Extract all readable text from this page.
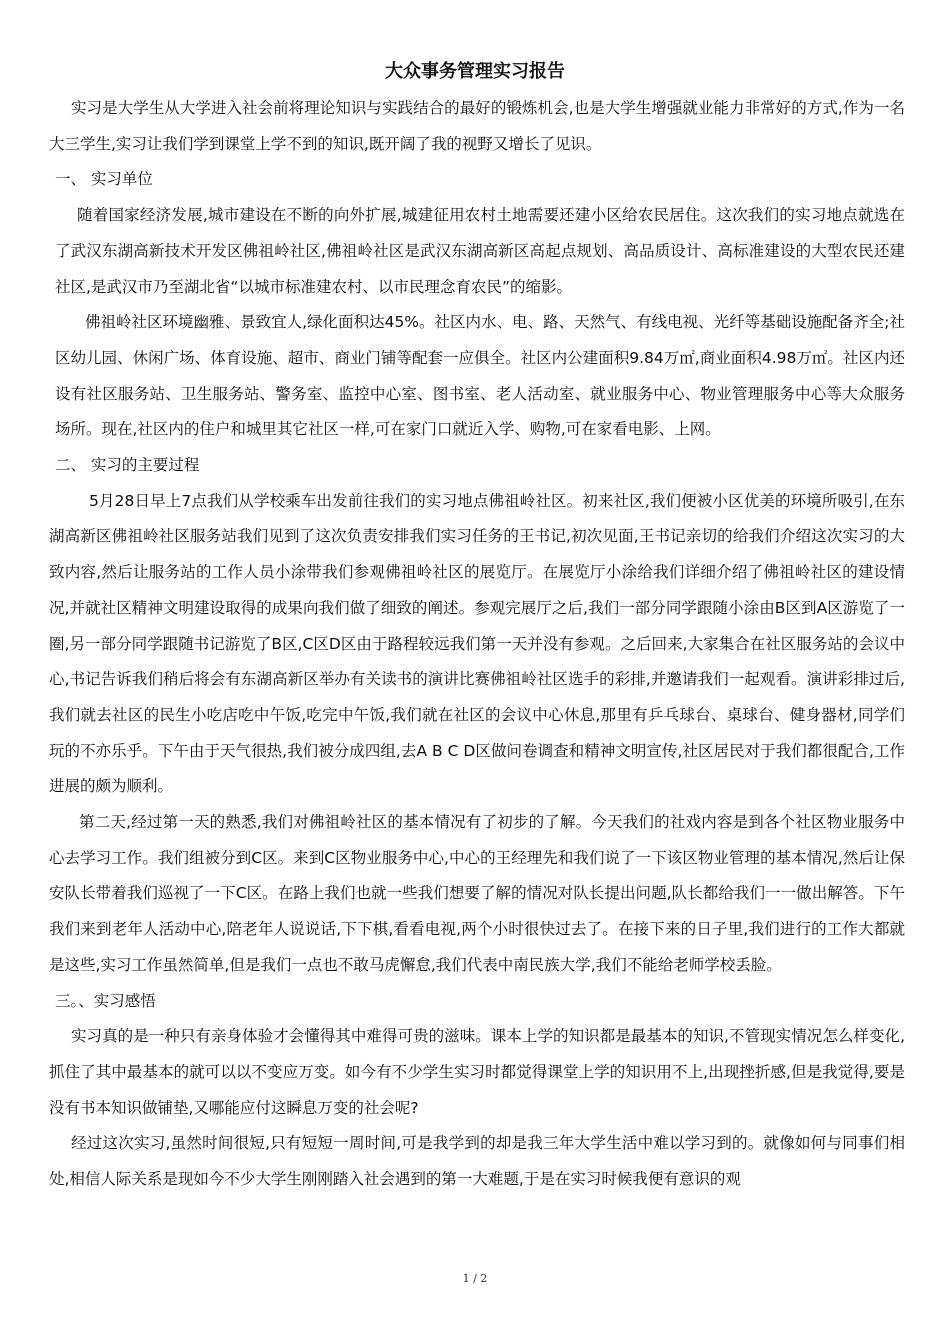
大众事务管理实习报告

实习是大学生从大学进入社会前将理论知识与实践结合的最好的锻炼机会,也是大学生增强就业能力非常好的方式,作为一名大三学生,实习让我们学到课堂上学不到的知识,既开阔了我的视野又增长了见识。

一、 实习单位

随着国家经济发展,城市建设在不断的向外扩展,城建征用农村土地需要还建小区给农民居住。这次我们的实习地点就选在了武汉东湖高新技术开发区佛祖岭社区,佛祖岭社区是武汉东湖高新区高起点规划、高品质设计、高标准建设的大型农民还建社区,是武汉市乃至湖北省“以城市标准建农村、以市民理念育农民”的缩影。

佛祖岭社区环境幽雅、景致宜人,绿化面积达45%。社区内水、电、路、天然气、有线电视、光纤等基础设施配备齐全;社区幼儿园、休闲广场、体育设施、超市、商业门铺等配套一应俱全。社区内公建面积9.84万㎡,商业面积4.98万㎡。社区内还设有社区服务站、卫生服务站、警务室、监控中心室、图书室、老人活动室、就业服务中心、物业管理服务中心等大众服务场所。现在,社区内的住户和城里其它社区一样,可在家门口就近入学、购物,可在家看电影、上网。

二、 实习的主要过程

5月28日早上7点我们从学校乘车出发前往我们的实习地点佛祖岭社区。初来社区,我们便被小区优美的环境所吸引,在东湖高新区佛祖岭社区服务站我们见到了这次负责安排我们实习任务的王书记,初次见面,王书记亲切的给我们介绍这次实习的大致内容,然后让服务站的工作人员小涂带我们参观佛祖岭社区的展览厅。在展览厅小涂给我们详细介绍了佛祖岭社区的建设情况,并就社区精神文明建设取得的成果向我们做了细致的阐述。参观完展厅之后,我们一部分同学跟随小涂由B区到A区游览了一圈,另一部分同学跟随书记游览了B区,C区D区由于路程较远我们第一天并没有参观。之后回来,大家集合在社区服务站的会议中心,书记告诉我们稍后将会有东湖高新区举办有关读书的演讲比赛佛祖岭社区选手的彩排,并邀请我们一起观看。演讲彩排过后,我们就去社区的民生小吃店吃中午饭,吃完中午饭,我们就在社区的会议中心休息,那里有乒乓球台、桌球台、健身器材,同学们玩的不亦乐乎。下午由于天气很热,我们被分成四组,去A B C D区做问卷调查和精神文明宣传,社区居民对于我们都很配合,工作进展的颇为顺利。

第二天,经过第一天的熟悉,我们对佛祖岭社区的基本情况有了初步的了解。今天我们的社戏内容是到各个社区物业服务中心去学习工作。我们组被分到C区。来到C区物业服务中心,中心的王经理先和我们说了一下该区物业管理的基本情况,然后让保安队长带着我们巡视了一下C区。在路上我们也就一些我们想要了解的情况对队长提出问题,队长都给我们一一做出解答。下午我们来到老年人活动中心,陪老年人说说话,下下棋,看看电视,两个小时很快过去了。在接下来的日子里,我们进行的工作大都就是这些,实习工作虽然简单,但是我们一点也不敢马虎懈怠,我们代表中南民族大学,我们不能给老师学校丢脸。

三。、实习感悟

实习真的是一种只有亲身体验才会懂得其中难得可贵的滋味。课本上学的知识都是最基本的知识,不管现实情况怎么样变化,抓住了其中最基本的就可以以不变应万变。如今有不少学生实习时都觉得课堂上学的知识用不上,出现挫折感,但是我觉得,要是没有书本知识做铺垫,又哪能应付这瞬息万变的社会呢?

经过这次实习,虽然时间很短,只有短短一周时间,可是我学到的却是我三年大学生活中难以学习到的。就像如何与同事们相处,相信人际关系是现如今不少大学生刚刚踏入社会遇到的第一大难题,于是在实习时候我便有意识的观

1 / 2
